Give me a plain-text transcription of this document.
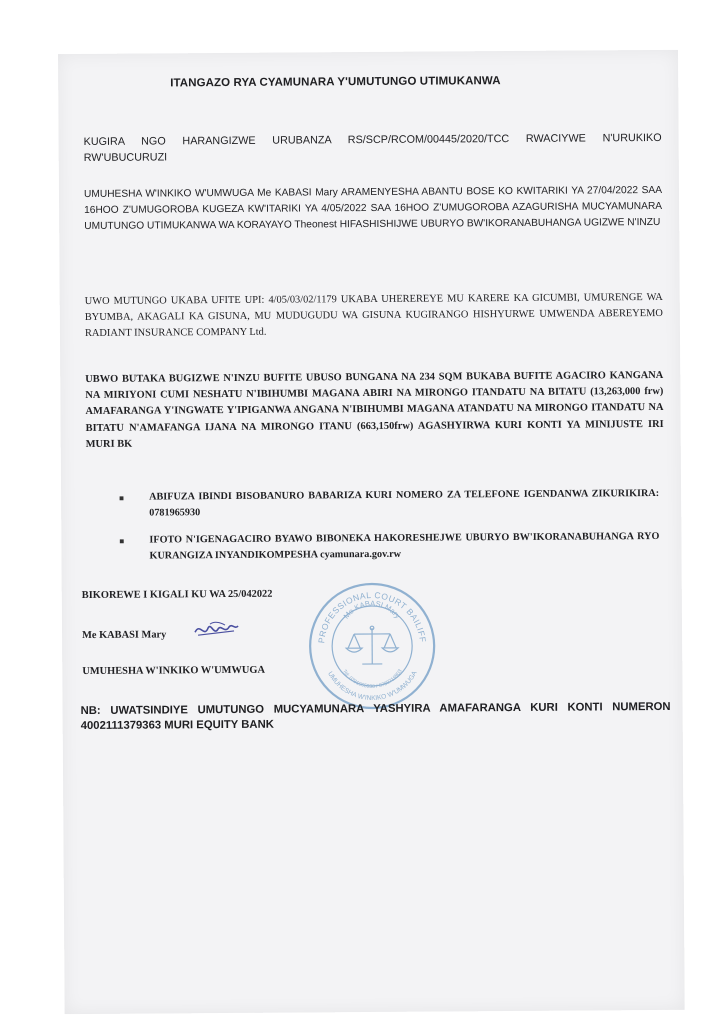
ITANGAZO RYA CYAMUNARA Y'UMUTUNGO UTIMUKANWA
KUGIRA NGO HARANGIZWE URUBANZA RS/SCP/RCOM/00445/2020/TCC RWACIYWE N'URUKIKO RW'UBUCURUZI
UMUHESHA W'INKIKO W'UMWUGA Me KABASI Mary ARAMENYESHA ABANTU BOSE KO KWITARIKI YA 27/04/2022 SAA 16HOO Z'UMUGOROBA KUGEZA KW'ITARIKI YA 4/05/2022 SAA 16HOO Z'UMUGOROBA AZAGURISHA MUCYAMUNARA UMUTUNGO UTIMUKANWA WA KORAYAYO Theonest HIFASHISHIJWE UBURYO BW'IKORANABUHANGA UGIZWE N'INZU
UWO MUTUNGO UKABA UFITE UPI: 4/05/03/02/1179 UKABA UHEREREYE MU KARERE KA GICUMBI, UMURENGE WA BYUMBA, AKAGALI KA GISUNA, MU MUDUGUDU WA GISUNA KUGIRANGO HISHYURWE UMWENDA ABEREYEMO RADIANT INSURANCE COMPANY Ltd.
UBWO BUTAKA BUGIZWE N'INZU BUFITE UBUSO BUNGANA NA 234 SQM BUKABA BUFITE AGACIRO KANGANA NA MIRIYONI CUMI NESHATU N'IBIHUMBI MAGANA ABIRI NA MIRONGO ITANDATU NA BITATU (13,263,000 frw) AMAFARANGA Y'INGWATE Y'IPIGANWA ANGANA N'IBIHUMBI MAGANA ATANDATU NA MIRONGO ITANDATU NA BITATU N'AMAFANGA IJANA NA MIRONGO ITANU (663,150frw) AGASHYIRWA KURI KONTI YA MINIJUSTE IRI MURI BK
■ ABIFUZA IBINDI BISOBANURO BABARIZA KURI NOMERO ZA TELEFONE IGENDANWA ZIKURIKIRA: 0781965930
■ IFOTO N'IGENAGACIRO BYAWO BIBONEKA HAKORESHEJWE UBURYO BW'IKORANABUHANGA RYO KURANGIZA INYANDIKOMPESHA cyamunara.gov.rw
BIKOREWE I KIGALI KU WA 25/042022
Me KABASI Mary
UMUHESHA W'INKIKO W'UMWUGA
PROFESSIONAL COURT BAILIFF
UMUHESHA W'INKIKO W'UMWUGA
Me KABASI Mary
Tel: 0781965930 / 0788719903
NB: UWATSINDIYE UMUTUNGO MUCYAMUNARA YASHYIRA AMAFARANGA KURI KONTI NUMERON 4002111379363 MURI EQUITY BANK
